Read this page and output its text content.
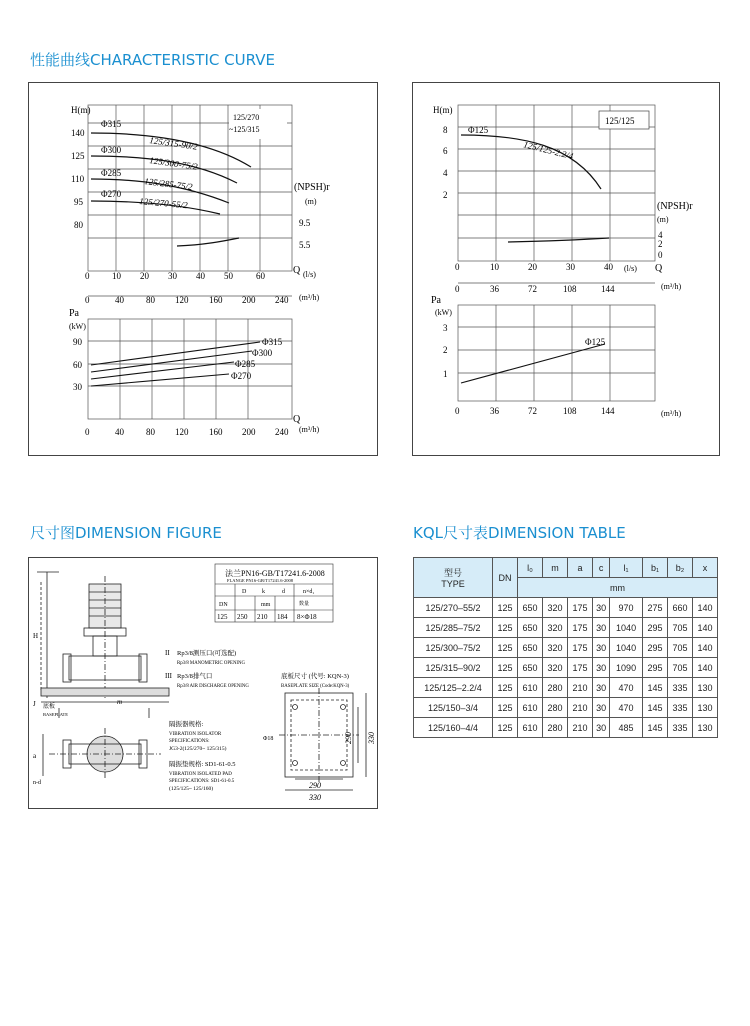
性能曲线CHARACTERISTIC CURVE
尺寸图DIMENSION FIGURE	KQL尺寸表DIMENSION TABLE
125/270
~125/315
H(m)
140
125
110
95
80
Φ315
Φ300
Φ285
Φ270
125/315-90/2
125/300-75/2
125/285-75/2
125/270-55/2
(NPSH)r
(m)
9.5
5.5
0	10 20 30 40 50	60	Q (l/s)
0	40 80 120 160 200 240 (m³/h)
Pa
(kW)
90
60
30
Φ315
Φ300
Φ285
Φ270
Q
0	40 80 120 160 200 240 (m³/h)
125/125
H(m)
8
6
4
2
Φ125
125/125-2.2/4
(NPSH)r
(m)
4
2
0
0	10	20	30	40 (l/s) Q
0	36	72	108	144	(m³/h)
Pa
(kW)
3
2
1
Φ125
0	36	72	108	144	(m³/h)
法兰PN16-GB/T17241.6-2008
FLANGE PN16-GB/T17241.6-2008
DN
D	k	d	n×d₁
mm	数量
125 250 210 184 8×Φ18
II Rp3/8测压口(可选配)
Rp3/8 MANOMETRIC OPENING
III Rp3/8排气口
Rp3/8 AIR DISCHARGE OPENING
底板尺寸 (代号: KQN-3)
BASEPLATE SIZE (Code:KQN-3)
隔振器规格:
VIBRATION ISOLATOR
SPECIFICATIONS:
JG3-2(125/270~ 125/315)
隔振垫规格: SD1-61-0.5
VIBRATION ISOLATED PAD
SPECIFICATIONS: SD1-61-0.5
(125/125~ 125/160)
底板
BASEPLATE
290
330
290 330
Φ18
H
m
J
a
n-d
型号
TYPE	DN	l₀	m	a	c	l₁	b₁	b₂	x
		mm							
125/270–55/2	125	650	320	175	30	970	275	660	140
125/285–75/2	125	650	320	175	30	1040	295	705	140
125/300–75/2	125	650	320	175	30	1040	295	705	140
125/315–90/2	125	650	320	175	30	1090	295	705	140
125/125–2.2/4	125	610	280	210	30	470	145	335	130
125/150–3/4	125	610	280	210	30	470	145	335	130
125/160–4/4	125	610	280	210	30	485	145	335	130
